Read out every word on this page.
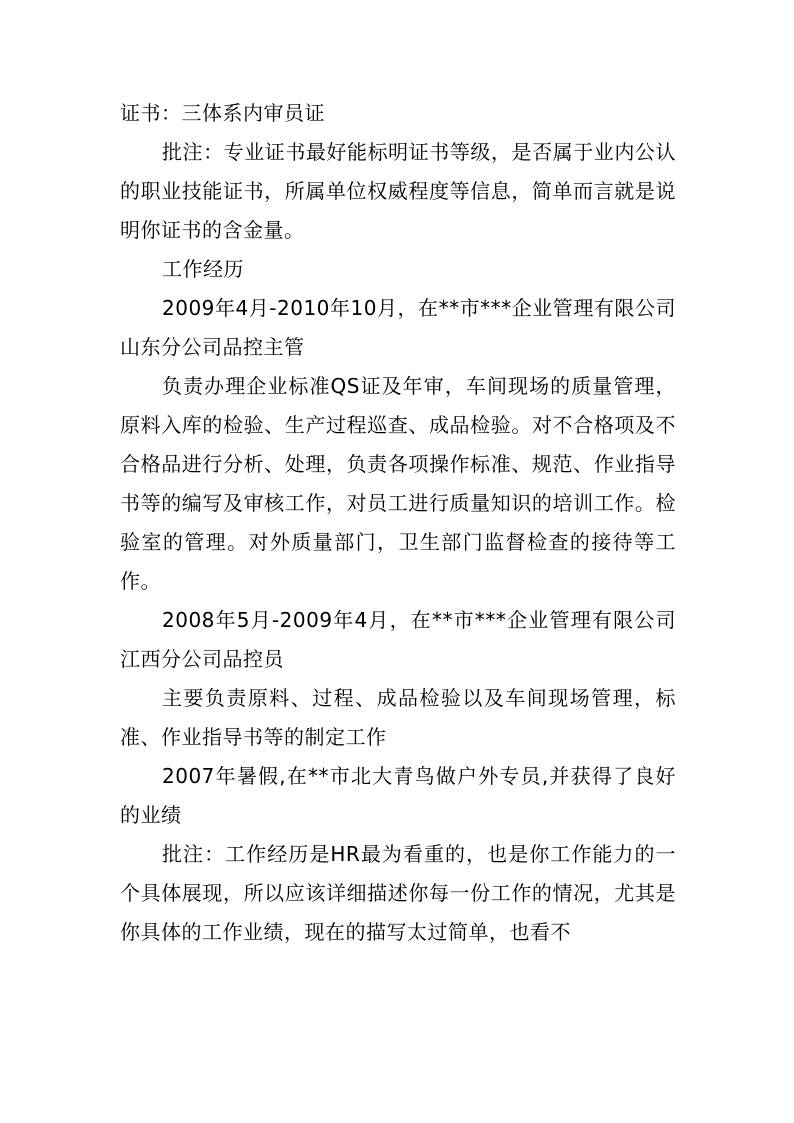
证书：三体系内审员证

批注：专业证书最好能标明证书等级，是否属于业内公认的职业技能证书，所属单位权威程度等信息，简单而言就是说明你证书的含金量。

工作经历

2009年4月-2010年10月，在**市***企业管理有限公司山东分公司品控主管

负责办理企业标准QS证及年审，车间现场的质量管理，原料入库的检验、生产过程巡查、成品检验。对不合格项及不合格品进行分析、处理，负责各项操作标准、规范、作业指导书等的编写及审核工作，对员工进行质量知识的培训工作。检验室的管理。对外质量部门，卫生部门监督检查的接待等工作。

2008年5月-2009年4月，在**市***企业管理有限公司江西分公司品控员

主要负责原料、过程、成品检验以及车间现场管理，标准、作业指导书等的制定工作

2007年暑假,在**市北大青鸟做户外专员,并获得了良好的业绩

批注：工作经历是HR最为看重的，也是你工作能力的一个具体展现，所以应该详细描述你每一份工作的情况，尤其是你具体的工作业绩，现在的描写太过简单，也看不
